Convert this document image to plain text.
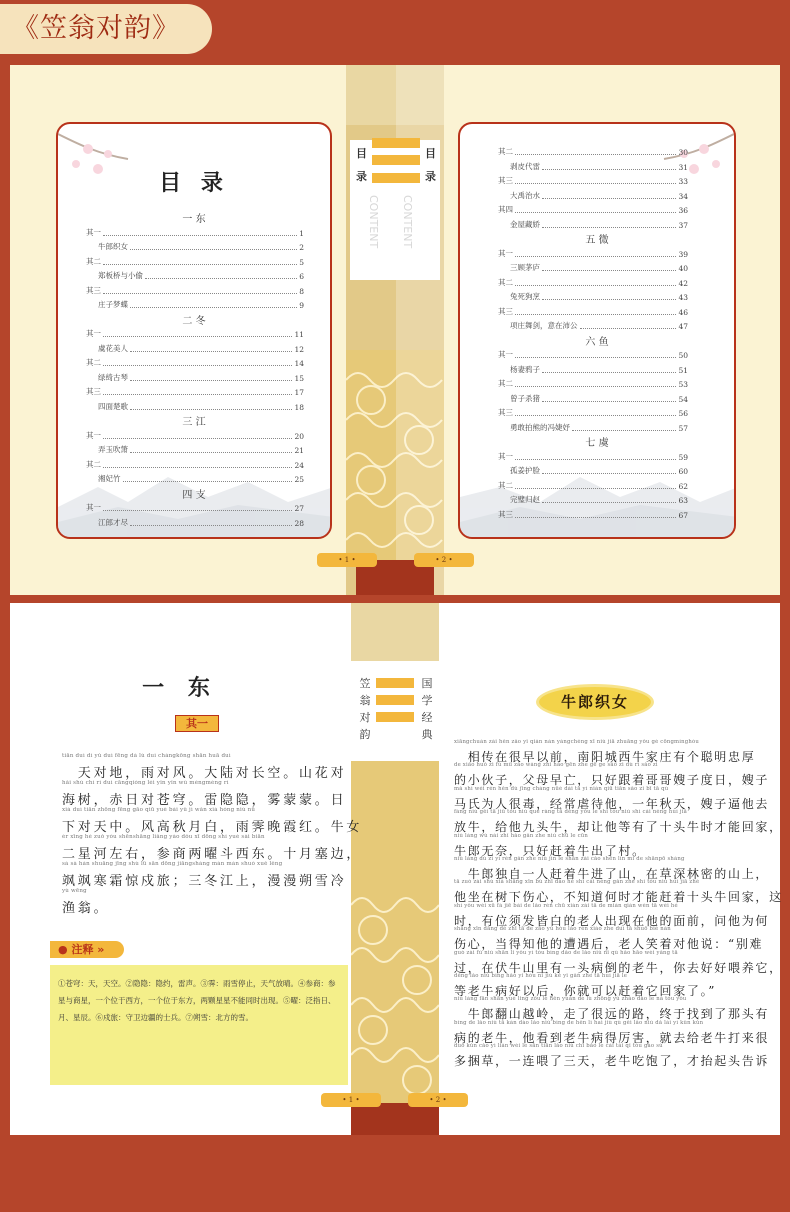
《笠翁对韵》
目
录
目
录
CONTENT CONTENT
目 录
一 东
其一	1
牛郎织女	2
其二	5
郑板桥与小偷	6
其三	8
庄子梦蝶	9
二 冬
其一	11
虞花美人	12
其二	14
绿绮古琴	15
其三	17
四面楚歌	18
三 江
其一	20
弄玉吹箫	21
其二	24
湘妃竹	25
四 支
其一	27
江郎才尽	28
其二	30
剥皮代雷	31
其三	33
大禹治水	34
其四	36
金屋藏娇	37
五 微
其一	39
三顾茅庐	40
其二	42
兔死狗烹	43
其三	46
项庄舞剑，意在沛公	47
六 鱼
其一	50
杨妻鸦子	51
其二	53
曾子杀猪	54
其三	56
勇敢拍熊的冯婕妤	57
七 虞
其一	59
孤姜护脸	60
其二	62
完璧归赵	63
其三	67
• 1 •	• 2 •
笠
翁
对
韵
国
学
经
典
一 东
其一
tiān duì dì yǔ duì fēng dà lù duì chángkōng shān huā duì
　天对地，雨对风。大陆对长空。山花对
hǎi shù chì rì duì cāngqióng léi yǐn yǐn wù méngméng rì
海树，赤日对苍穹。雷隐隐，雾蒙蒙。日
xià duì tiān zhōng fēng gāo qiū yuè bái yǔ jì wǎn xiá hóng niú nǚ
下对天中。风高秋月白，雨霁晚霞红。牛女
èr xīng hé zuǒ yòu shēnshāng liǎng yào dǒu xī dōng shí yuè sài biān
二星河左右，参商两曜斗西东。十月塞边，
sà sà hán shuāng jīng shù lǚ sān dōng jiāngshàng màn màn shuò xuě lěng
飒飒寒霜惊戍旅；三冬江上，漫漫朔雪冷
yú wēng
渔翁。
● 注释 »
①苍穹：天，天空。②隐隐：隐约，雷声。③霁：雨雪停止，天气放晴。④参商：参星与商星，一个位于西方，一个位于东方，两颗星星不能同时出现。⑤曜：泛指日、月、星辰。⑥戍旅：守卫边疆的士兵。⑦朔雪：北方的雪。
牛郎织女
xiāngchuán zài hěn zǎo yǐ qián nán yángchéng xī niú jiā zhuāng yǒu gè cōngmínghòu
　相传在很早以前，南阳城西牛家庄有个聪明忠厚
de xiǎo huǒ zi fù mǔ zǎo wáng zhǐ hǎo gēn zhe gē ge sǎo zi dù rì sǎo zi
的小伙子，父母早亡，只好跟着哥哥嫂子度日，嫂子
mǎ shì wéi rén hěn dú jīng cháng nüè dài tā yì nián qiū tiān sǎo zi bī tā qù
马氏为人很毒，经常虐待他，一年秋天，嫂子逼他去
fàng niú gěi tā jiǔ tóu niú què ràng tā děng yǒu le shí tóu niú shí cái néng huí jiā
放牛，给他九头牛，却让他等有了十头牛时才能回家，
niú láng wú nài zhǐ hǎo gǎn zhe niú chū le cūn
牛郎无奈，只好赶着牛出了村。
niú láng dú zì yì rén gǎn zhe niú jìn le shān zài cǎo shēn lín mì de shānpō shàng
　牛郎独自一人赶着牛进了山，在草深林密的山上，
tā zuò zài shù xià shāng xīn bù zhī dào hé shí cái néng gǎn zhe shí tóu niú huí jiā zhè
他坐在树下伤心，不知道何时才能赶着十头牛回家，这
shí yǒu wèi xū fà jiē bái de lǎo rén chū xiàn zài tā de miàn qián wèn tā wèi hé
时，有位须发皆白的老人出现在他的面前，问他为何
shāng xīn dāng dé zhī tā de zāo yù hòu lǎo rén xiào zhe duì tā shuō bié nán
伤心，当得知他的遭遇后，老人笑着对他说：“别难
guò zài fú niú shān lǐ yǒu yì tóu bìng dǎo de lǎo niú nǐ qù hǎo hāo wèi yǎng tā
过，在伏牛山里有一头病倒的老牛，你去好好喂养它，
děng lǎo niú bìng hǎo yǐ hòu nǐ jiù kě yǐ gǎn zhe tā huí jiā le
等老牛病好以后，你就可以赶着它回家了。”
niú láng fān shān yuè lǐng zǒu le hěn yuǎn de lù zhōng yú zhǎo dào le nà tóu yǒu
　牛郎翻山越岭，走了很远的路，终于找到了那头有
bìng de lǎo niú tā kàn dào lǎo niú bìng de hěn lì hai jiù qù gěi lǎo niú dǎ lái yì kǔn kǔn
病的老牛，他看到老牛病得厉害，就去给老牛打来很
duō kǔn cǎo yì lián wèi le sān tiān lǎo niú chī bǎo le cái tái qǐ tóu gào sù
多捆草，一连喂了三天，老牛吃饱了，才抬起头告诉
• 1 •	• 2 •
